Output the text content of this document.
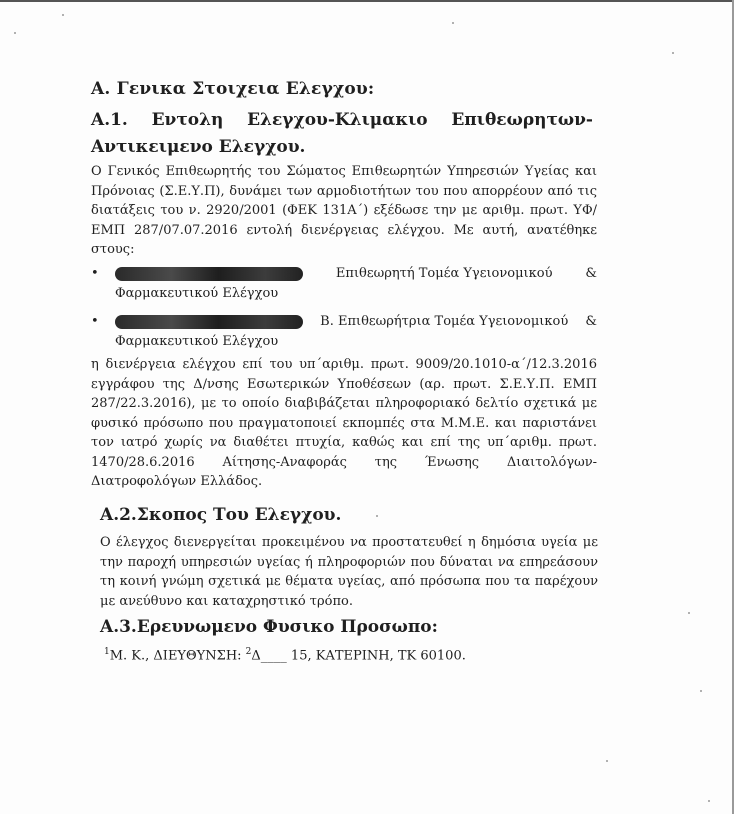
Α. Γενικα Στοιχεια Ελεγχου:
Α.1. Εντολη Ελεγχου-Κλιμακιο Επιθεωρητων-
Αντικειμενο Ελεγχου.
Ο Γενικός Επιθεωρητής του Σώματος Επιθεωρητών Υπηρεσιών Υγείας και Πρόνοιας (Σ.Ε.Υ.Π), δυνάμει των αρμοδιοτήτων του που απορρέουν από τις διατάξεις του ν. 2920/2001 (ΦΕΚ 131Α΄) εξέδωσε την με αριθμ. πρωτ. ΥΦ/ΕΜΠ 287/07.07.2016 εντολή διενέργειας ελέγχου. Με αυτή, ανατέθηκε στους:
•	Επιθεωρητή Τομέα Υγειονομικού	&
Φαρμακευτικού Ελέγχου
•	Β. Επιθεωρήτρια Τομέα Υγειονομικού &
Φαρμακευτικού Ελέγχου
η διενέργεια ελέγχου επί του υπ΄αριθμ. πρωτ. 9009/20.1010-α΄/12.3.2016 εγγράφου της Δ/νσης Εσωτερικών Υποθέσεων (αρ. πρωτ. Σ.Ε.Υ.Π. ΕΜΠ 287/22.3.2016), με το οποίο διαβιβάζεται πληροφοριακό δελτίο σχετικά με φυσικό πρόσωπο που πραγματοποιεί εκπομπές στα Μ.Μ.Ε. και παριστάνει τον ιατρό χωρίς να διαθέτει πτυχία, καθώς και επί της υπ΄αριθμ. πρωτ. 1470/28.6.2016 Αίτησης-Αναφοράς της Ένωσης Διαιτολόγων-Διατροφολόγων Ελλάδος.
Α.2.Σκοπος Του Ελεγχου.
Ο έλεγχος διενεργείται προκειμένου να προστατευθεί η δημόσια υγεία με την παροχή υπηρεσιών υγείας ή πληροφοριών που δύναται να επηρεάσουν τη κοινή γνώμη σχετικά με θέματα υγείας, από πρόσωπα που τα παρέχουν με ανεύθυνο και καταχρηστικό τρόπο.
Α.3.Ερευνωμενο Φυσικο Προσωπο:
$^1$Μ. Κ., ΔΙΕΥΘΥΝΣΗ: $^2$Δ____ 15, ΚΑΤΕΡΙΝΗ, ΤΚ 60100.
